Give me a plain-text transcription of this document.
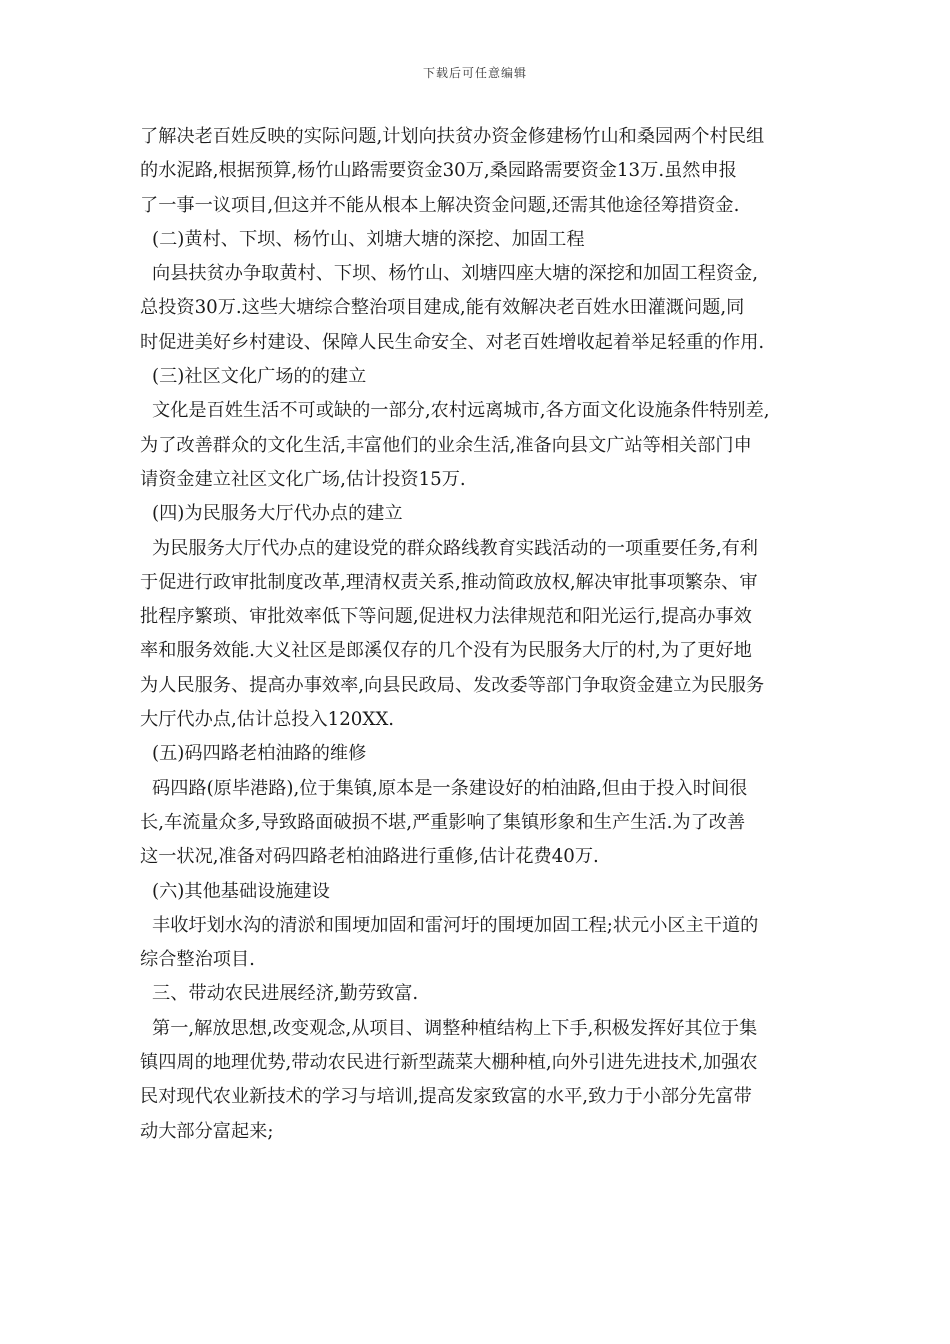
下载后可任意编辑
了解决老百姓反映的实际问题,计划向扶贫办资金修建杨竹山和桑园两个村民组
的水泥路,根据预算,杨竹山路需要资金30万,桑园路需要资金13万.虽然申报
了一事一议项目,但这并不能从根本上解决资金问题,还需其他途径筹措资金.
(二)黄村、下坝、杨竹山、刘塘大塘的深挖、加固工程
向县扶贫办争取黄村、下坝、杨竹山、刘塘四座大塘的深挖和加固工程资金,
总投资30万.这些大塘综合整治项目建成,能有效解决老百姓水田灌溉问题,同
时促进美好乡村建设、保障人民生命安全、对老百姓增收起着举足轻重的作用.
(三)社区文化广场的的建立
文化是百姓生活不可或缺的一部分,农村远离城市,各方面文化设施条件特别差,
为了改善群众的文化生活,丰富他们的业余生活,准备向县文广站等相关部门申
请资金建立社区文化广场,估计投资15万.
(四)为民服务大厅代办点的建立
为民服务大厅代办点的建设党的群众路线教育实践活动的一项重要任务,有利
于促进行政审批制度改革,理清权责关系,推动简政放权,解决审批事项繁杂、审
批程序繁琐、审批效率低下等问题,促进权力法律规范和阳光运行,提高办事效
率和服务效能.大义社区是郎溪仅存的几个没有为民服务大厅的村,为了更好地
为人民服务、提高办事效率,向县民政局、发改委等部门争取资金建立为民服务
大厅代办点,估计总投入120XX.
(五)码四路老柏油路的维修
码四路(原毕港路),位于集镇,原本是一条建设好的柏油路,但由于投入时间很
长,车流量众多,导致路面破损不堪,严重影响了集镇形象和生产生活.为了改善
这一状况,准备对码四路老柏油路进行重修,估计花费40万.
(六)其他基础设施建设
丰收圩划水沟的清淤和围埂加固和雷河圩的围埂加固工程;状元小区主干道的
综合整治项目.
三、带动农民进展经济,勤劳致富.
第一,解放思想,改变观念,从项目、调整种植结构上下手,积极发挥好其位于集
镇四周的地理优势,带动农民进行新型蔬菜大棚种植,向外引进先进技术,加强农
民对现代农业新技术的学习与培训,提高发家致富的水平,致力于小部分先富带
动大部分富起来;
